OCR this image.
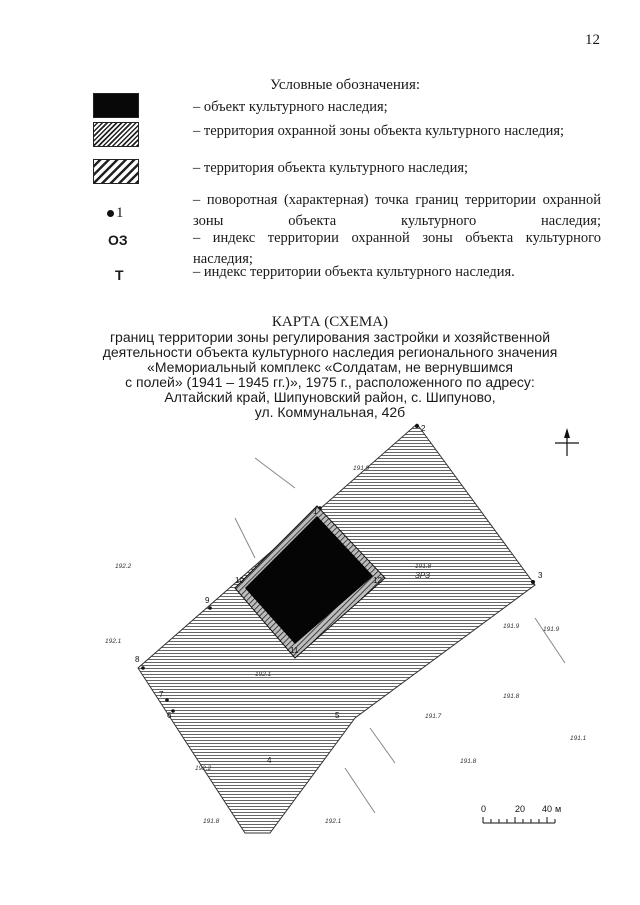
12
Условные обозначения:
– объект культурного наследия;
– территория охранной зоны объекта культурного наследия;
– территория объекта культурного наследия;
1
– поворотная (характерная) точка границ территории охранной
зоны объекта культурного наследия;
ОЗ	– индекс территории охранной зоны объекта культурного
наследия;
Т	– индекс территории объекта культурного наследия.
КАРТА (СХЕМА)
границ территории зоны регулирования застройки и хозяйственной
деятельности объекта культурного наследия регионального значения
«Мемориальный комплекс «Солдатам, не вернувшимся
с полей» (1941 – 1945 гг.)», 1975 г., расположенного по адресу:
Алтайский край, Шипуновский район, с. Шипуново,
ул. Коммунальная, 42б
ЗРЗ
2
3
1
8
7
6
9
10	12
11
4
5
192.1
191.9
192.2
192.1
191.9
191.8
191.7
191.8
191.1
192.2
191.8	192.1
191.8
191.9
0	20 40 м
